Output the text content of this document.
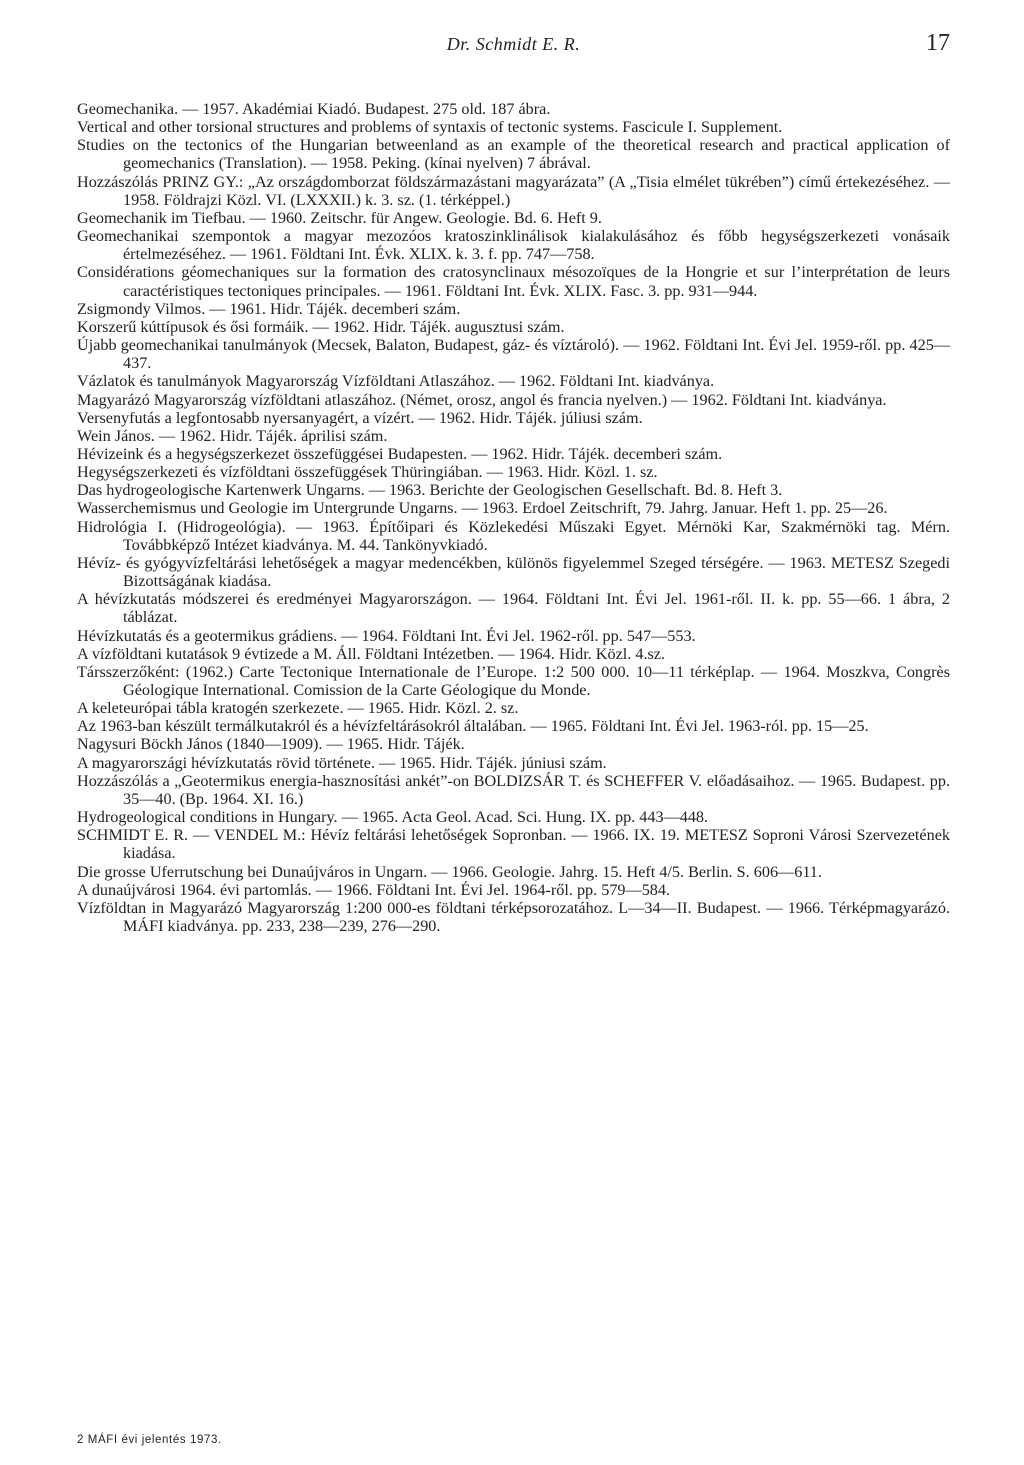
Dr. Schmidt E. R.	17
Geomechanika. — 1957. Akadémiai Kiadó. Budapest. 275 old. 187 ábra.
Vertical and other torsional structures and problems of syntaxis of tectonic systems. Fascicule I. Supplement.
Studies on the tectonics of the Hungarian betweenland as an example of the theoretical research and practical application of geomechanics (Translation). — 1958. Peking. (kínai nyelven) 7 ábrával.
Hozzászólás PRINZ GY.: „Az országdomborzat földszármazástani magyarázata” (A „Tisia elmélet tükrében”) című értekezéséhez. — 1958. Földrajzi Közl. VI. (LXXXII.) k. 3. sz. (1. térképpel.)
Geomechanik im Tiefbau. — 1960. Zeitschr. für Angew. Geologie. Bd. 6. Heft 9.
Geomechanikai szempontok a magyar mezozóos kratoszinklinálisok kialakulásához és főbb hegységszerkezeti vonásaik értelmezéséhez. — 1961. Földtani Int. Évk. XLIX. k. 3. f. pp. 747—758.
Considérations géomechaniques sur la formation des cratosynclinaux mésozoïques de la Hongrie et sur l’interprétation de leurs caractéristiques tectoniques principales. — 1961. Földtani Int. Évk. XLIX. Fasc. 3. pp. 931—944.
Zsigmondy Vilmos. — 1961. Hidr. Tájék. decemberi szám.
Korszerű kúttípusok és ősi formáik. — 1962. Hidr. Tájék. augusztusi szám.
Újabb geomechanikai tanulmányok (Mecsek, Balaton, Budapest, gáz- és víztároló). — 1962. Földtani Int. Évi Jel. 1959-ről. pp. 425—437.
Vázlatok és tanulmányok Magyarország Vízföldtani Atlaszához. — 1962. Földtani Int. kiadványa.
Magyarázó Magyarország vízföldtani atlaszához. (Német, orosz, angol és francia nyelven.) — 1962. Földtani Int. kiadványa.
Versenyfutás a legfontosabb nyersanyagért, a vízért. — 1962. Hidr. Tájék. júliusi szám.
Wein János. — 1962. Hidr. Tájék. áprilisi szám.
Hévizeink és a hegységszerkezet összefüggései Budapesten. — 1962. Hidr. Tájék. decemberi szám.
Hegységszerkezeti és vízföldtani összefüggések Thüringiában. — 1963. Hidr. Közl. 1. sz.
Das hydrogeologische Kartenwerk Ungarns. — 1963. Berichte der Geologischen Gesellschaft. Bd. 8. Heft 3.
Wasserchemismus und Geologie im Untergrunde Ungarns. — 1963. Erdoel Zeitschrift, 79. Jahrg. Januar. Heft 1. pp. 25—26.
Hidrológia I. (Hidrogeológia). — 1963. Építőipari és Közlekedési Műszaki Egyet. Mérnöki Kar, Szakmérnöki tag. Mérn. Továbbképző Intézet kiadványa. M. 44. Tankönyvkiadó.
Hévíz- és gyógyvízfeltárási lehetőségek a magyar medencékben, különös figyelemmel Szeged térségére. — 1963. METESZ Szegedi Bizottságának kiadása.
A hévízkutatás módszerei és eredményei Magyarországon. — 1964. Földtani Int. Évi Jel. 1961-ről. II. k. pp. 55—66. 1 ábra, 2 táblázat.
Hévízkutatás és a geotermikus grádiens. — 1964. Földtani Int. Évi Jel. 1962-ről. pp. 547—553.
A vízföldtani kutatások 9 évtizede a M. Áll. Földtani Intézetben. — 1964. Hidr. Közl. 4.sz.
Társszerzőként: (1962.) Carte Tectonique Internationale de l’Europe. 1:2 500 000. 10—11 térképlap. — 1964. Moszkva, Congrès Géologique International. Comission de la Carte Géologique du Monde.
A keleteurópai tábla kratogén szerkezete. — 1965. Hidr. Közl. 2. sz.
Az 1963-ban készült termálkutakról és a hévízfeltárásokról általában. — 1965. Földtani Int. Évi Jel. 1963-ról. pp. 15—25.
Nagysuri Böckh János (1840—1909). — 1965. Hidr. Tájék.
A magyarországi hévízkutatás rövid története. — 1965. Hidr. Tájék. júniusi szám.
Hozzászólás a „Geotermikus energia-hasznosítási ankét”-on BOLDIZSÁR T. és SCHEFFER V. előadásaihoz. — 1965. Budapest. pp. 35—40. (Bp. 1964. XI. 16.)
Hydrogeological conditions in Hungary. — 1965. Acta Geol. Acad. Sci. Hung. IX. pp. 443—448.
SCHMIDT E. R. — VENDEL M.: Hévíz feltárási lehetőségek Sopronban. — 1966. IX. 19. METESZ Soproni Városi Szervezetének kiadása.
Die grosse Uferrutschung bei Dunaújváros in Ungarn. — 1966. Geologie. Jahrg. 15. Heft 4/5. Berlin. S. 606—611.
A dunaújvárosi 1964. évi partomlás. — 1966. Földtani Int. Évi Jel. 1964-ről. pp. 579—584.
Vízföldtan in Magyarázó Magyarország 1:200 000-es földtani térképsorozatához. L—34—II. Budapest. — 1966. Térképmagyarázó. MÁFI kiadványa. pp. 233, 238—239, 276—290.
2 MÁFI évi jelentés 1973.
